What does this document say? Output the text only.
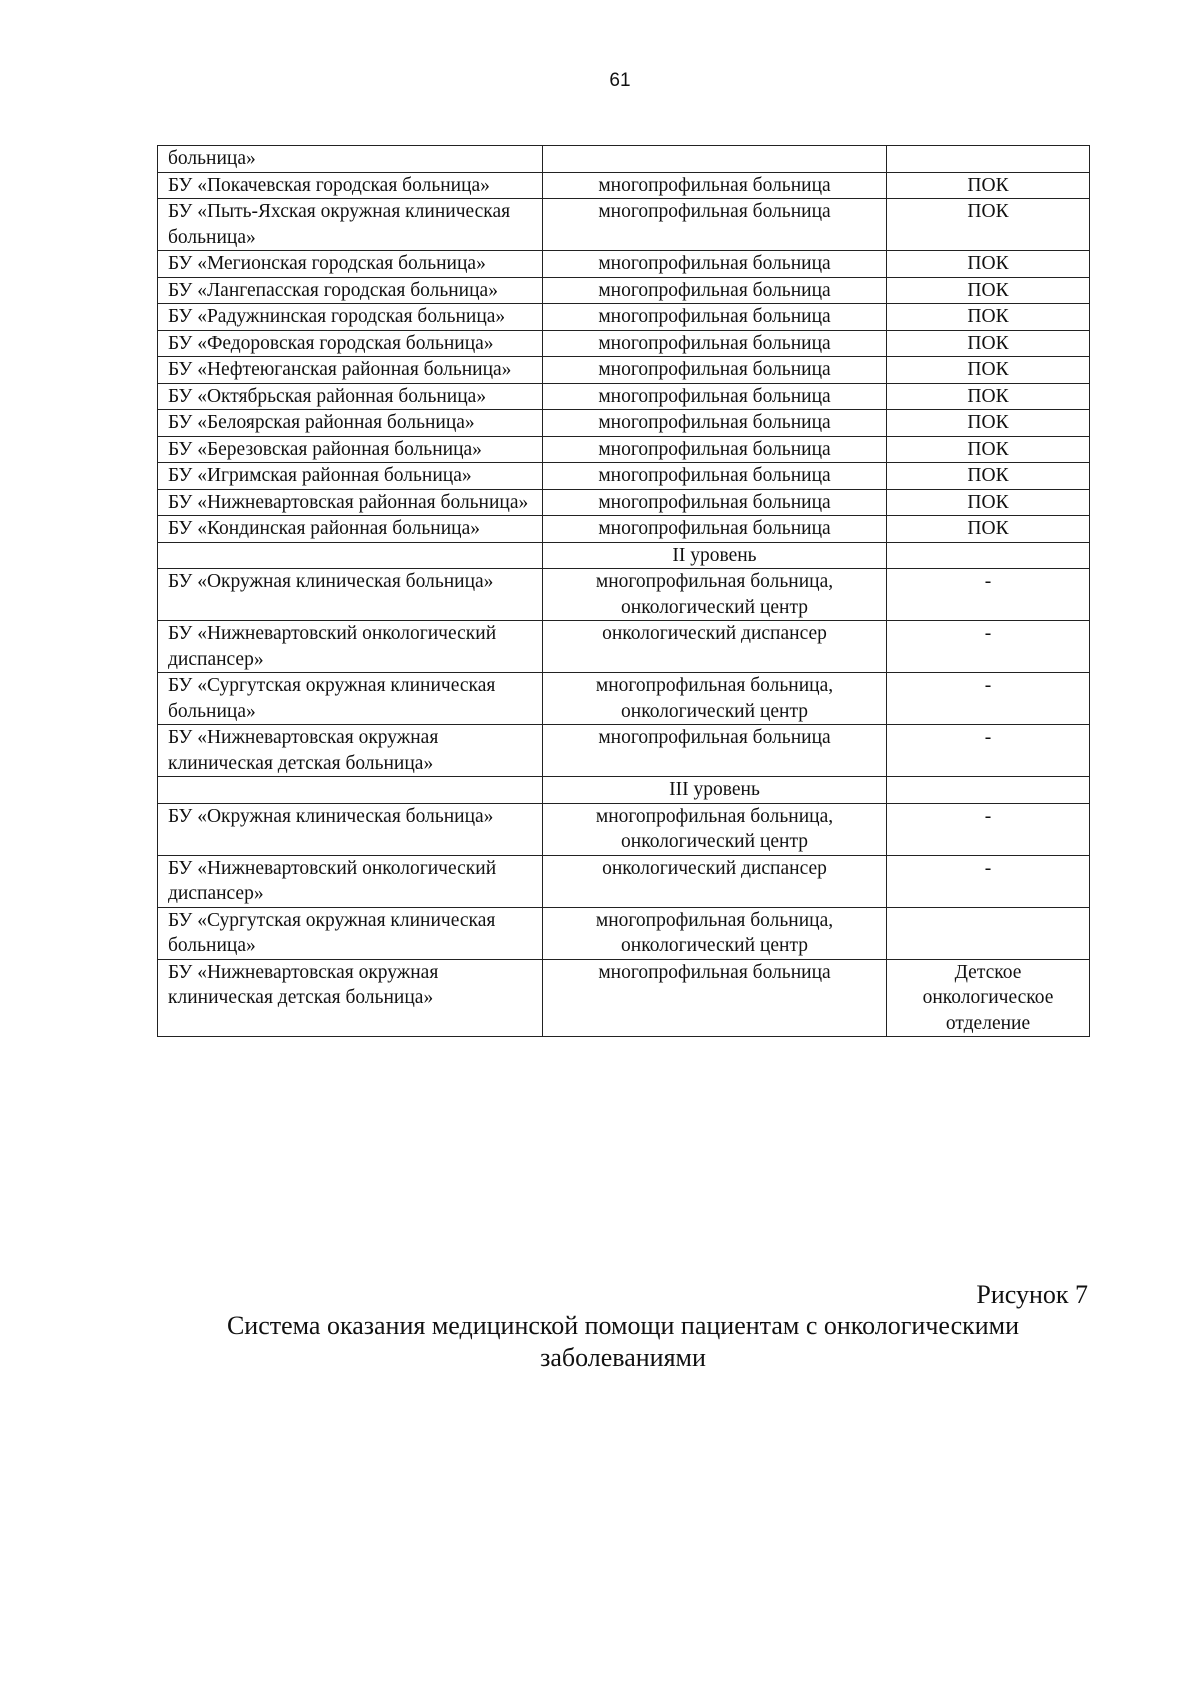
61
больница»		
БУ «Покачевская городская больница»	многопрофильная больница	ПОК
БУ «Пыть-Яхская окружная клиническая больница»	многопрофильная больница	ПОК
БУ «Мегионская городская больница»	многопрофильная больница	ПОК
БУ «Лангепасская городская больница»	многопрофильная больница	ПОК
БУ «Радужнинская городская больница»	многопрофильная больница	ПОК
БУ «Федоровская городская больница»	многопрофильная больница	ПОК
БУ «Нефтеюганская районная больница»	многопрофильная больница	ПОК
БУ «Октябрьская районная больница»	многопрофильная больница	ПОК
БУ «Белоярская районная больница»	многопрофильная больница	ПОК
БУ «Березовская районная больница»	многопрофильная больница	ПОК
БУ «Игримская районная больница»	многопрофильная больница	ПОК
БУ «Нижневартовская районная больница»	многопрофильная больница	ПОК
БУ «Кондинская районная больница»	многопрофильная больница	ПОК
	II уровень	
БУ «Окружная клиническая больница»	многопрофильная больница, онкологический центр	-
БУ «Нижневартовский онкологический диспансер»	онкологический диспансер	-
БУ «Сургутская окружная клиническая больница»	многопрофильная больница, онкологический центр	-
БУ «Нижневартовская окружная клиническая детская больница»	многопрофильная больница	-
	III уровень	
БУ «Окружная клиническая больница»	многопрофильная больница, онкологический центр	-
БУ «Нижневартовский онкологический диспансер»	онкологический диспансер	-
БУ «Сургутская окружная клиническая больница»	многопрофильная больница, онкологический центр	
БУ «Нижневартовская окружная клиническая детская больница»	многопрофильная больница	Детское онкологическое отделение
Рисунок 7
Система оказания медицинской помощи пациентам с онкологическими заболеваниями
